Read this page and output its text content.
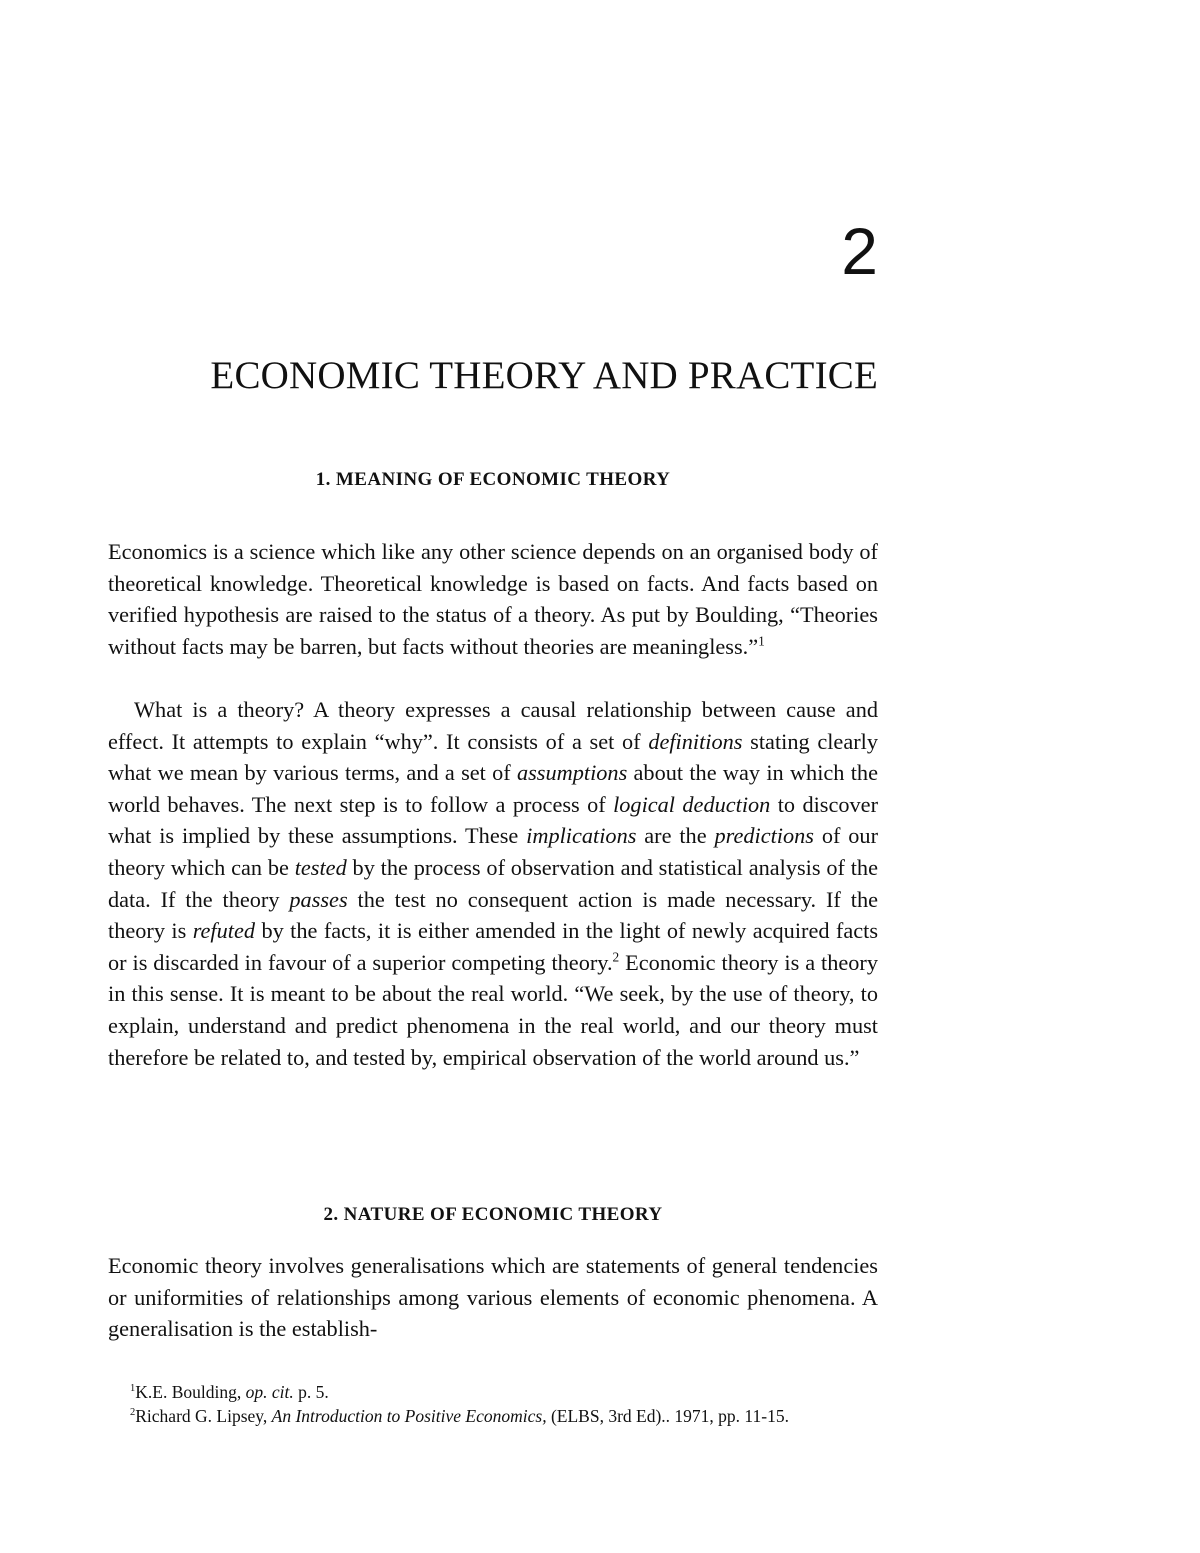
2
ECONOMIC THEORY AND PRACTICE
1. MEANING OF ECONOMIC THEORY

Economics is a science which like any other science depends on an organised body of theoretical knowledge. Theoretical knowledge is based on facts. And facts based on verified hypothesis are raised to the status of a theory. As put by Boulding, “Theories without facts may be barren, but facts without theories are meaningless.”$^1$

What is a theory? A theory expresses a causal relationship between cause and effect. It attempts to explain “why”. It consists of a set of definitions stating clearly what we mean by various terms, and a set of assumptions about the way in which the world behaves. The next step is to follow a process of logical deduction to discover what is implied by these assumptions. These implications are the predictions of our theory which can be tested by the process of observation and statistical analysis of the data. If the theory passes the test no consequent action is made necessary. If the theory is refuted by the facts, it is either amended in the light of newly acquired facts or is discarded in favour of a superior competing theory.$^2$ Economic theory is a theory in this sense. It is meant to be about the real world. “We seek, by the use of theory, to explain, understand and predict phenomena in the real world, and our theory must therefore be related to, and tested by, empirical observation of the world around us.”

2. NATURE OF ECONOMIC THEORY

Economic theory involves generalisations which are statements of general tendencies or uniformities of relationships among various elements of economic phenomena. A generalisation is the establish-

$^1$K.E. Boulding, op. cit. p. 5.

$^2$Richard G. Lipsey, An Introduction to Positive Economics, (ELBS, 3rd Ed).. 1971, pp. 11-15.
